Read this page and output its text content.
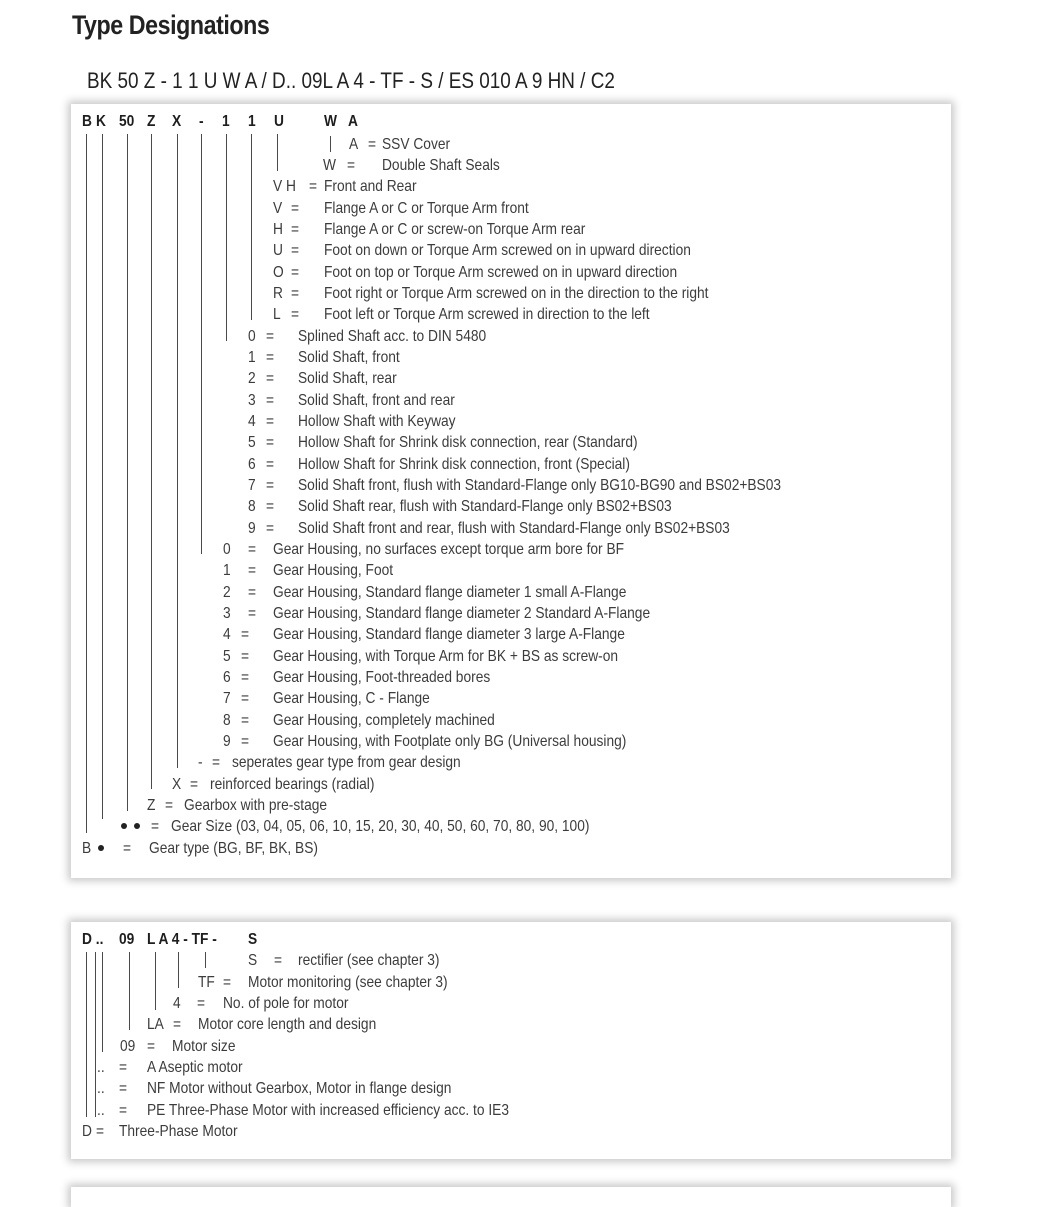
Type Designations
BK 50 Z - 1 1 U W A / D.. 09L A 4 - TF - S / ES 010 A 9 HN / C2
B K 50 Z X - 1 1 U	W A
A = SSV Cover
W = Double Shaft Seals
V H = Front and Rear
V = Flange A or C or Torque Arm front
H = Flange A or C or screw-on Torque Arm rear
U = Foot on down or Torque Arm screwed on in upward direction
O = Foot on top or Torque Arm screwed on in upward direction
R = Foot right or Torque Arm screwed on in the direction to the right
L = Foot left or Torque Arm screwed in direction to the left
0 = Splined Shaft acc. to DIN 5480
1 = Solid Shaft, front
2 = Solid Shaft, rear
3 = Solid Shaft, front and rear
4 = Hollow Shaft with Keyway
5 = Hollow Shaft for Shrink disk connection, rear (Standard)
6 = Hollow Shaft for Shrink disk connection, front (Special)
7 = Solid Shaft front, flush with Standard-Flange only BG10-BG90 and BS02+BS03
8 = Solid Shaft rear, flush with Standard-Flange only BS02+BS03
9 = Solid Shaft front and rear, flush with Standard-Flange only BS02+BS03
0 = Gear Housing, no surfaces except torque arm bore for BF
1 = Gear Housing, Foot
2 = Gear Housing, Standard flange diameter 1 small A-Flange
3 = Gear Housing, Standard flange diameter 2 Standard A-Flange
4 = Gear Housing, Standard flange diameter 3 large A-Flange
5 = Gear Housing, with Torque Arm for BK + BS as screw-on
6 = Gear Housing, Foot-threaded bores
7 = Gear Housing, C - Flange
8 = Gear Housing, completely machined
9 = Gear Housing, with Footplate only BG (Universal housing)
- = seperates gear type from gear design
X = reinforced bearings (radial)
Z = Gearbox with pre-stage
= Gear Size (03, 04, 05, 06, 10, 15, 20, 30, 40, 50, 60, 70, 80, 90, 100)
B = Gear type (BG, BF, BK, BS)
D .. 09 L A 4 - TF - S
S = rectifier (see chapter 3)
TF = Motor monitoring (see chapter 3)
4 = No. of pole for motor
LA = Motor core length and design
09 = Motor size
.. = A Aseptic motor
.. = NF Motor without Gearbox, Motor in flange design
.. = PE Three-Phase Motor with increased efficiency acc. to IE3
D = Three-Phase Motor
